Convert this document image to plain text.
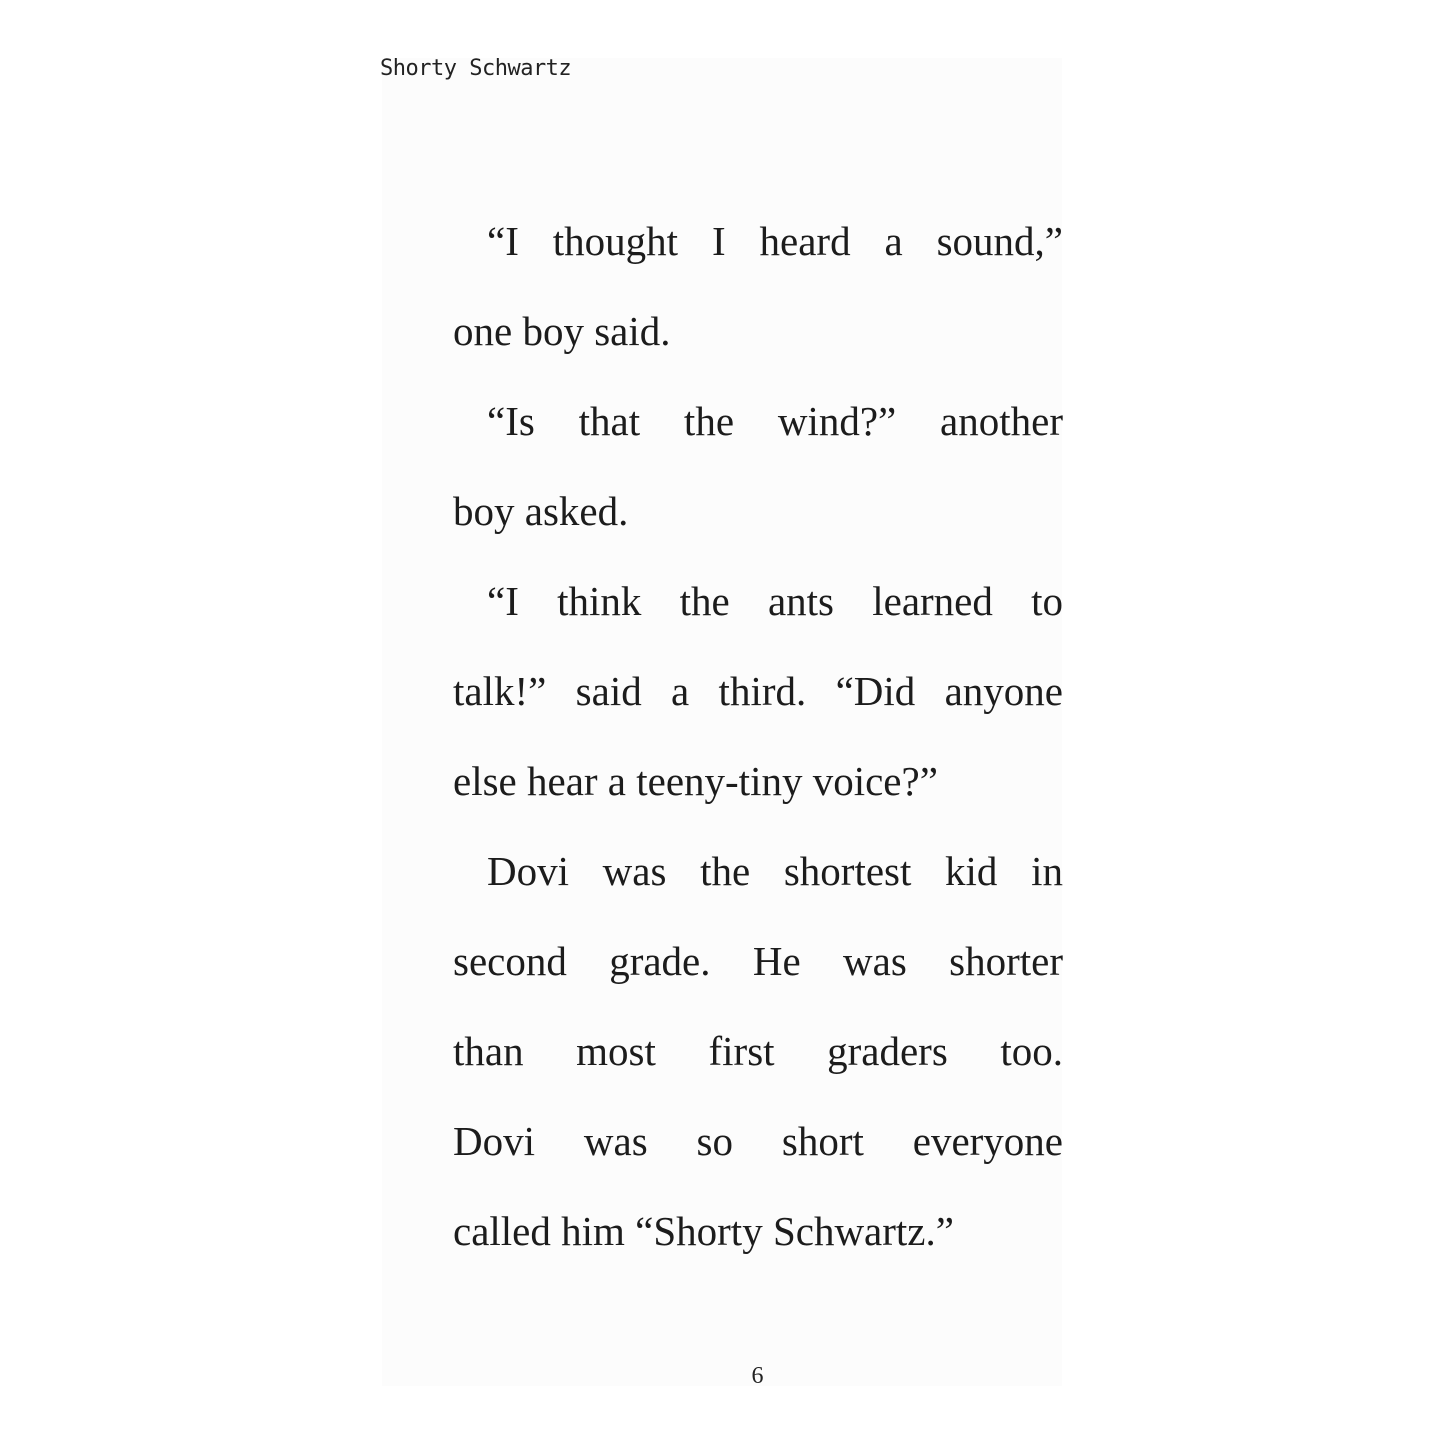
Shorty Schwartz
“I thought I heard a sound,”
one boy said.
“Is that the wind?” another
boy asked.
“I think the ants learned to
talk!” said a third. “Did anyone
else hear a teeny-tiny voice?”
Dovi was the shortest kid in
second grade. He was shorter
than most first graders too.
Dovi was so short everyone
called him “Shorty Schwartz.”
6
